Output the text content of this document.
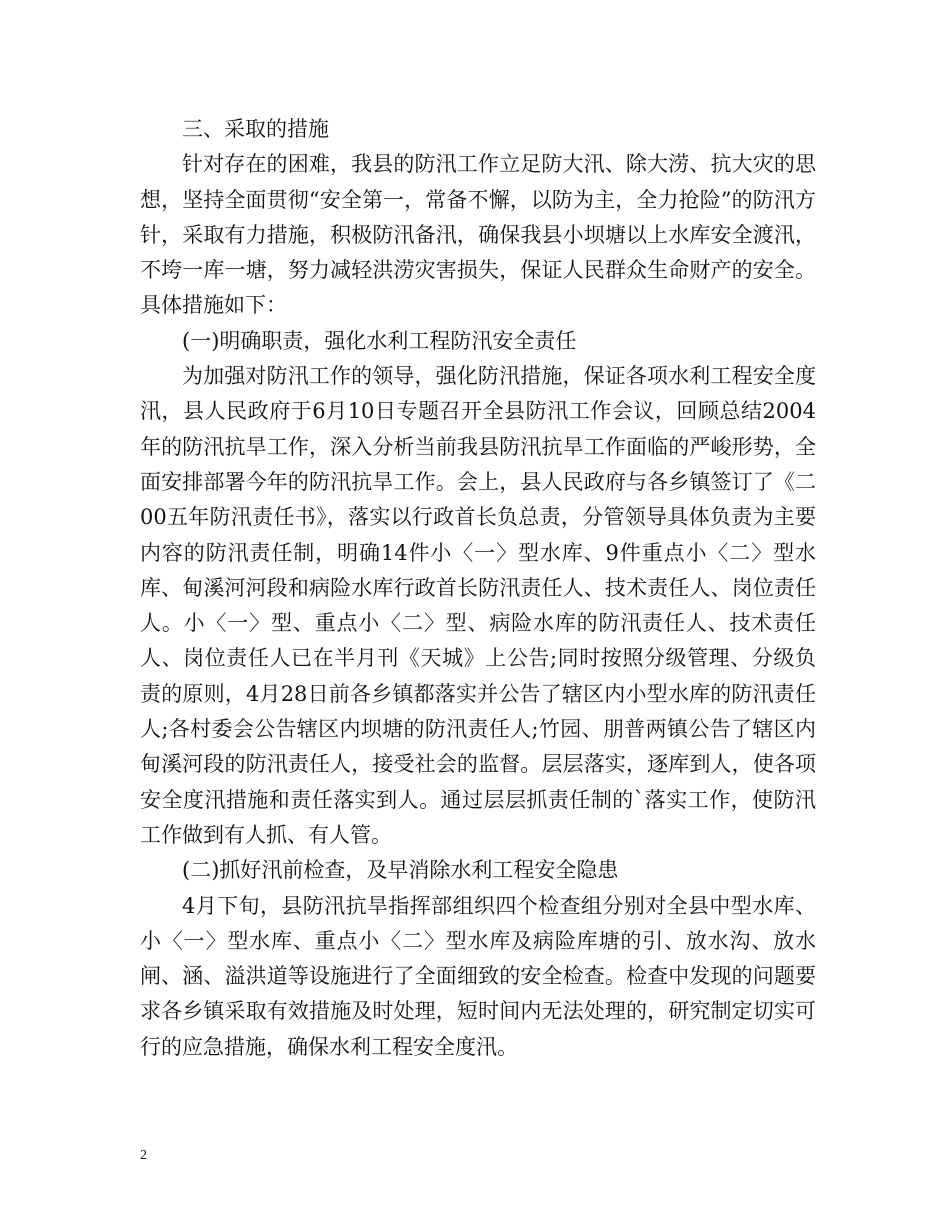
三、采取的措施

针对存在的困难，我县的防汛工作立足防大汛、除大涝、抗大灾的思想，坚持全面贯彻“安全第一，常备不懈，以防为主，全力抢险”的防汛方针，采取有力措施，积极防汛备汛，确保我县小坝塘以上水库安全渡汛，不垮一库一塘，努力减轻洪涝灾害损失，保证人民群众生命财产的安全。具体措施如下：

(一)明确职责，强化水利工程防汛安全责任

为加强对防汛工作的领导，强化防汛措施，保证各项水利工程安全度汛，县人民政府于6月10日专题召开全县防汛工作会议，回顾总结2004年的防汛抗旱工作，深入分析当前我县防汛抗旱工作面临的严峻形势，全面安排部署今年的防汛抗旱工作。会上，县人民政府与各乡镇签订了《二00五年防汛责任书》，落实以行政首长负总责，分管领导具体负责为主要内容的防汛责任制，明确14件小〈一〉型水库、9件重点小〈二〉型水库、甸溪河河段和病险水库行政首长防汛责任人、技术责任人、岗位责任人。小〈一〉型、重点小〈二〉型、病险水库的防汛责任人、技术责任人、岗位责任人已在半月刊《天城》上公告;同时按照分级管理、分级负责的原则，4月28日前各乡镇都落实并公告了辖区内小型水库的防汛责任人;各村委会公告辖区内坝塘的防汛责任人;竹园、朋普两镇公告了辖区内甸溪河段的防汛责任人，接受社会的监督。层层落实，逐库到人，使各项安全度汛措施和责任落实到人。通过层层抓责任制的`落实工作，使防汛工作做到有人抓、有人管。

(二)抓好汛前检查，及早消除水利工程安全隐患

4月下旬，县防汛抗旱指挥部组织四个检查组分别对全县中型水库、小〈一〉型水库、重点小〈二〉型水库及病险库塘的引、放水沟、放水闸、涵、溢洪道等设施进行了全面细致的安全检查。检查中发现的问题要求各乡镇采取有效措施及时处理，短时间内无法处理的，研究制定切实可行的应急措施，确保水利工程安全度汛。

2
